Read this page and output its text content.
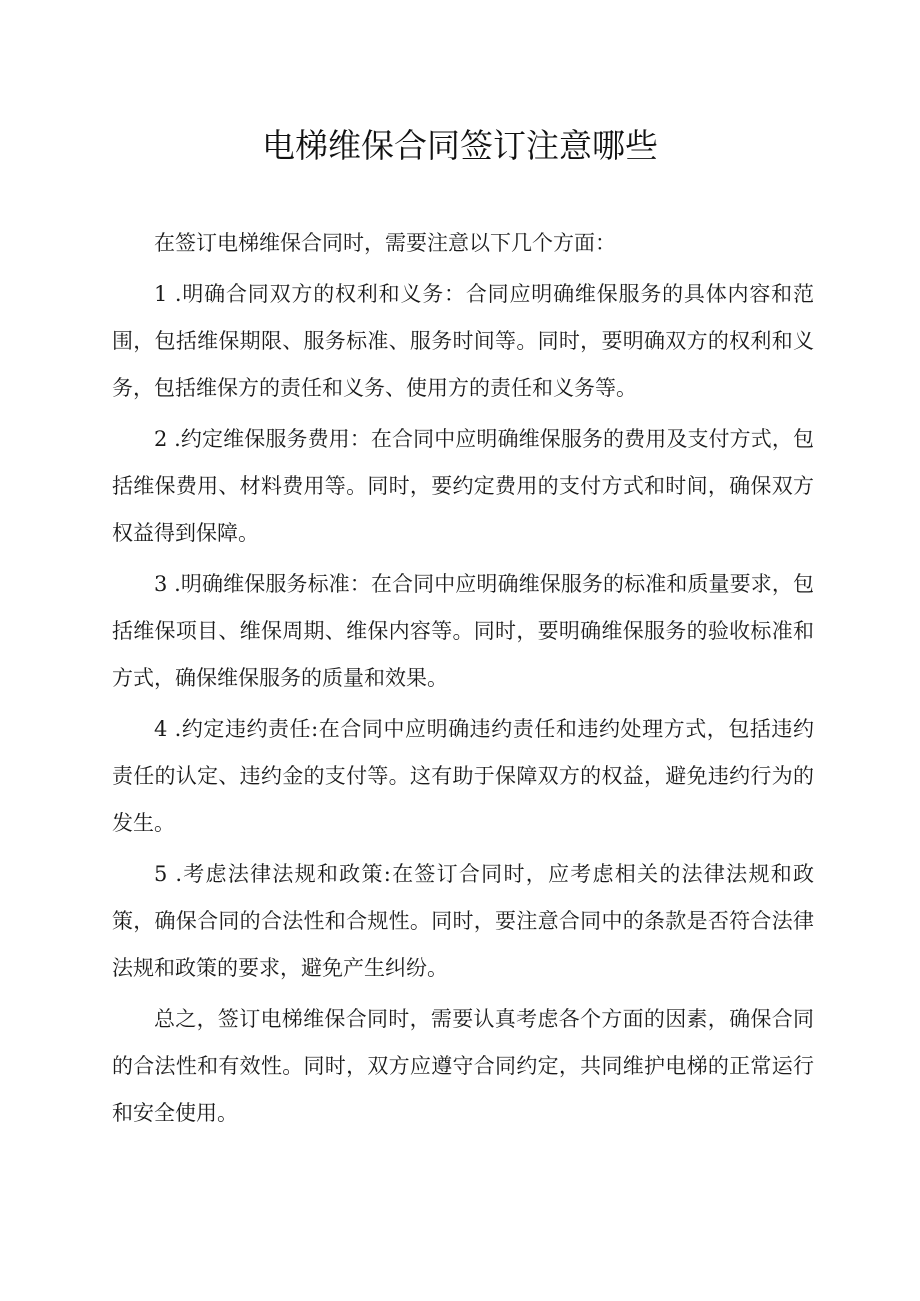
电梯维保合同签订注意哪些

在签订电梯维保合同时，需要注意以下几个方面：

1 .明确合同双方的权利和义务：合同应明确维保服务的具体内容和范围，包括维保期限、服务标准、服务时间等。同时，要明确双方的权利和义务，包括维保方的责任和义务、使用方的责任和义务等。

2 .约定维保服务费用：在合同中应明确维保服务的费用及支付方式，包括维保费用、材料费用等。同时，要约定费用的支付方式和时间，确保双方权益得到保障。

3 .明确维保服务标准：在合同中应明确维保服务的标准和质量要求，包括维保项目、维保周期、维保内容等。同时，要明确维保服务的验收标准和方式，确保维保服务的质量和效果。

4 .约定违约责任:在合同中应明确违约责任和违约处理方式，包括违约责任的认定、违约金的支付等。这有助于保障双方的权益，避免违约行为的发生。

5 .考虑法律法规和政策:在签订合同时，应考虑相关的法律法规和政策，确保合同的合法性和合规性。同时，要注意合同中的条款是否符合法律法规和政策的要求，避免产生纠纷。

总之，签订电梯维保合同时，需要认真考虑各个方面的因素，确保合同的合法性和有效性。同时，双方应遵守合同约定，共同维护电梯的正常运行和安全使用。
